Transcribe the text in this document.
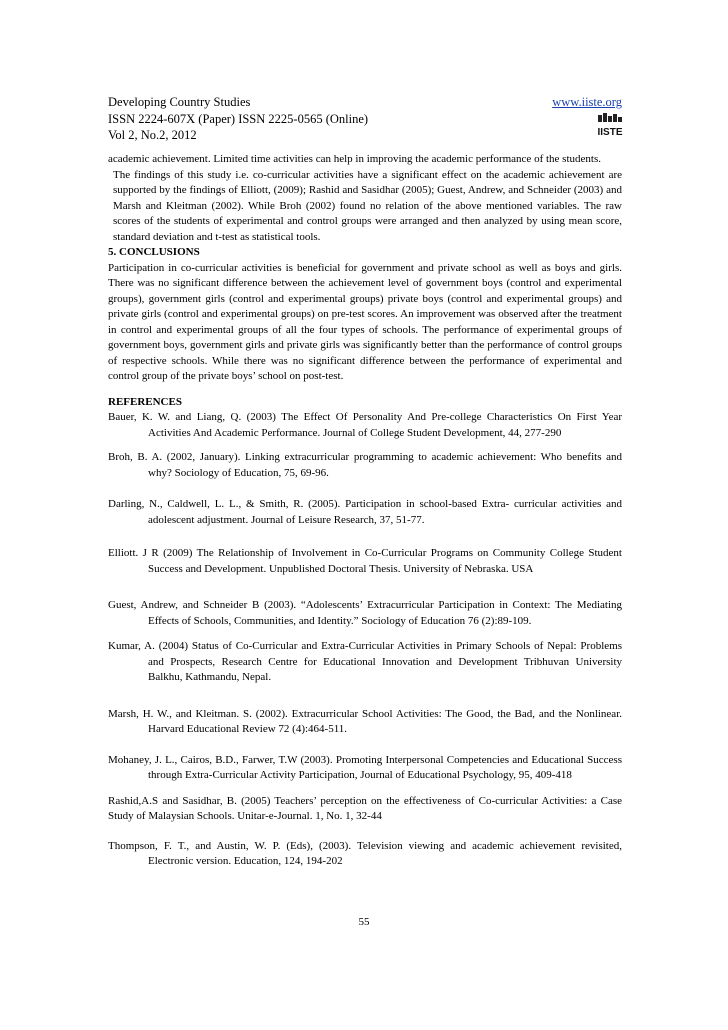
Developing Country Studies
ISSN 2224-607X (Paper) ISSN 2225-0565 (Online)
Vol 2, No.2, 2012
www.iiste.org
IISTE

academic achievement. Limited time activities can help in improving the academic performance of the students.

The findings of this study i.e. co-curricular activities have a significant effect on the academic achievement are supported by the findings of Elliott, (2009); Rashid and Sasidhar (2005); Guest, Andrew, and Schneider (2003) and Marsh and Kleitman (2002). While Broh (2002) found no relation of the above mentioned variables. The raw scores of the students of experimental and control groups were arranged and then analyzed by using mean score, standard deviation and t-test as statistical tools.

5. CONCLUSIONS

Participation in co-curricular activities is beneficial for government and private school as well as boys and girls. There was no significant difference between the achievement level of government boys (control and experimental groups), government girls (control and experimental groups) private boys (control and experimental groups) and private girls (control and experimental groups) on pre-test scores. An improvement was observed after the treatment in control and experimental groups of all the four types of schools. The performance of experimental groups of government boys, government girls and private girls was significantly better than the performance of control groups of respective schools. While there was no significant difference between the performance of experimental and control group of the private boys’ school on post-test.

REFERENCES

Bauer, K. W. and Liang, Q. (2003) The Effect Of Personality And Pre-college Characteristics On First Year Activities And Academic Performance. Journal of College Student Development, 44, 277-290

Broh, B. A. (2002, January). Linking extracurricular programming to academic achievement: Who benefits and why? Sociology of Education, 75, 69-96.

Darling, N., Caldwell, L. L., & Smith, R. (2005). Participation in school-based Extra- curricular activities and adolescent adjustment. Journal of Leisure Research, 37, 51-77.

Elliott. J R (2009) The Relationship of Involvement in Co-Curricular Programs on Community College Student Success and Development. Unpublished Doctoral Thesis. University of Nebraska. USA

Guest, Andrew, and Schneider B (2003). “Adolescents’ Extracurricular Participation in Context: The Mediating Effects of Schools, Communities, and Identity.” Sociology of Education 76 (2):89-109.

Kumar, A. (2004) Status of Co-Curricular and Extra-Curricular Activities in Primary Schools of Nepal: Problems and Prospects, Research Centre for Educational Innovation and Development Tribhuvan University Balkhu, Kathmandu, Nepal.

Marsh, H. W., and Kleitman. S. (2002). Extracurricular School Activities: The Good, the Bad, and the Nonlinear. Harvard Educational Review 72 (4):464-511.

Mohaney, J. L., Cairos, B.D., Farwer, T.W (2003). Promoting Interpersonal Competencies and Educational Success through Extra-Curricular Activity Participation, Journal of Educational Psychology, 95, 409-418

Rashid,A.S and Sasidhar, B. (2005) Teachers’ perception on the effectiveness of Co-curricular Activities: a Case Study of Malaysian Schools. Unitar-e-Journal. 1, No. 1, 32-44

Thompson, F. T., and Austin, W. P. (Eds), (2003). Television viewing and academic achievement revisited, Electronic version. Education, 124, 194-202

55
